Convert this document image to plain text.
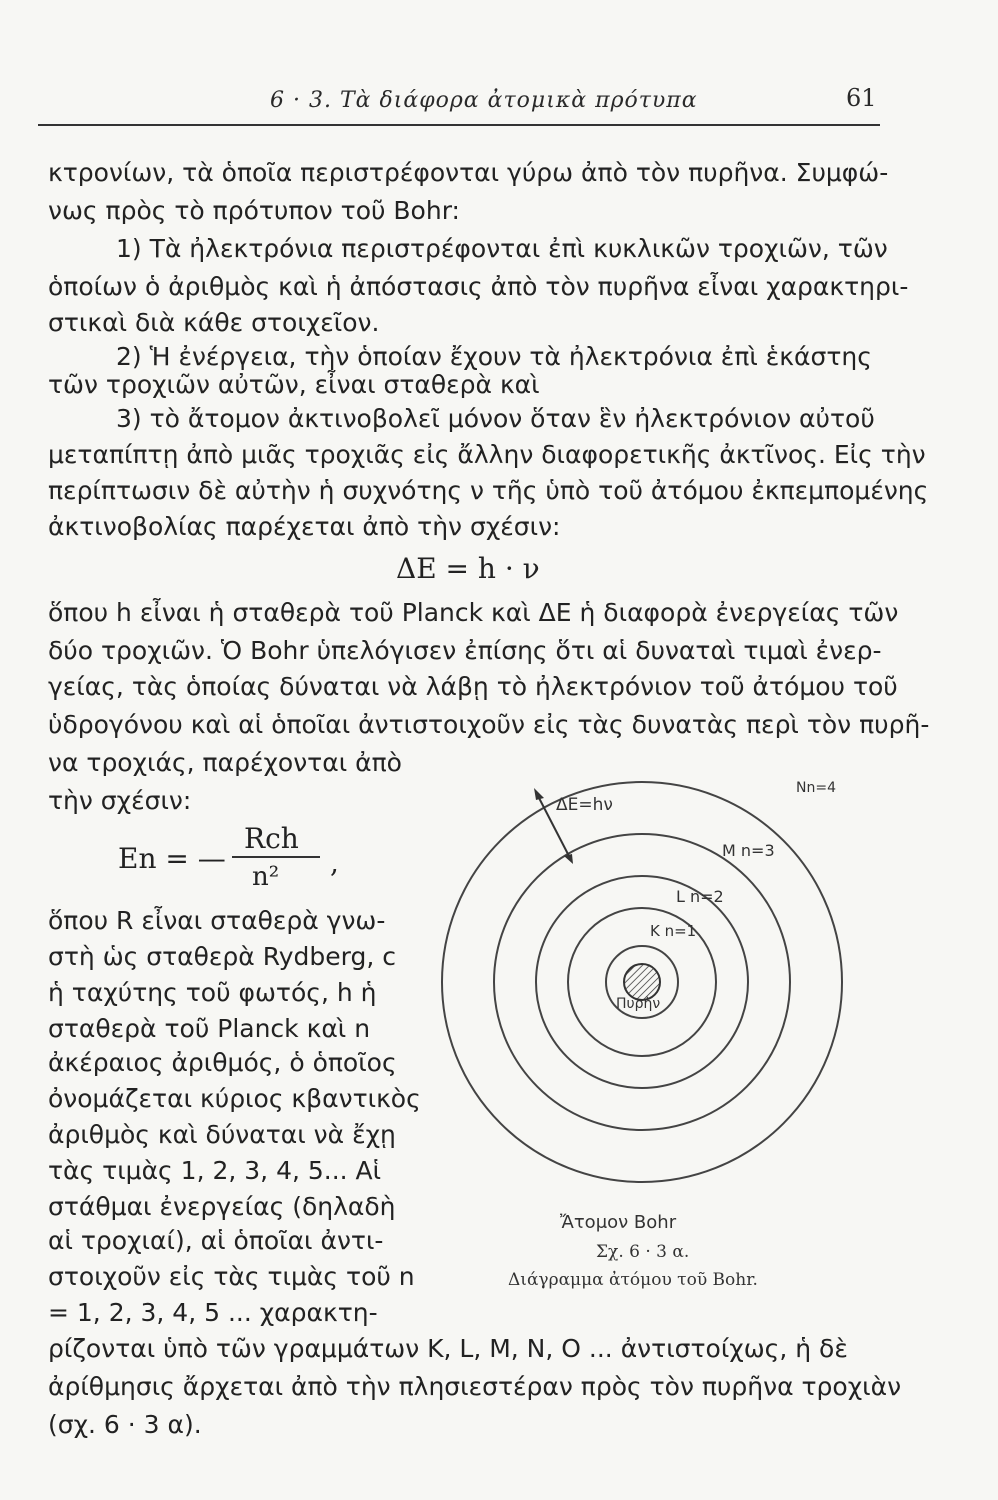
6 · 3. Τὰ διάφορα ἀτομικὰ πρότυπα	61
κτρονίων, τὰ ὁποῖα περιστρέφονται γύρω ἀπὸ τὸν πυρῆνα. Συμφώ-
νως πρὸς τὸ πρότυπον τοῦ Bohr:
1) Τὰ ἠλεκτρόνια περιστρέφονται ἐπὶ κυκλικῶν τροχιῶν, τῶν
ὁποίων ὁ ἀριθμὸς καὶ ἡ ἀπόστασις ἀπὸ τὸν πυρῆνα εἶναι χαρακτηρι-
στικαὶ διὰ κάθε στοιχεῖον.
2) Ἡ ἐνέργεια, τὴν ὁποίαν ἔχουν τὰ ἠλεκτρόνια ἐπὶ ἑκάστης
τῶν τροχιῶν αὐτῶν, εἶναι σταθερὰ καὶ
3) τὸ ἄτομον ἀκτινοβολεῖ μόνον ὅταν ἓν ἠλεκτρόνιον αὐτοῦ
μεταπίπτῃ ἀπὸ μιᾶς τροχιᾶς εἰς ἄλλην διαφορετικῆς ἀκτῖνος. Εἰς τὴν
περίπτωσιν δὲ αὐτὴν ἡ συχνότης ν τῆς ὑπὸ τοῦ ἀτόμου ἐκπεμπομένης
ἀκτινοβολίας παρέχεται ἀπὸ τὴν σχέσιν:
ΔE = h · ν
ὅπου h εἶναι ἡ σταθερὰ τοῦ Planck καὶ ΔE ἡ διαφορὰ ἐνεργείας τῶν
δύο τροχιῶν. Ὁ Bohr ὑπελόγισεν ἐπίσης ὅτι αἱ δυναταὶ τιμαὶ ἐνερ-
γείας, τὰς ὁποίας δύναται νὰ λάβῃ τὸ ἠλεκτρόνιον τοῦ ἀτόμου τοῦ
ὑδρογόνου καὶ αἱ ὁποῖαι ἀντιστοιχοῦν εἰς τὰς δυνατὰς περὶ τὸν πυρῆ-
να τροχιάς, παρέχονται ἀπὸ
τὴν σχέσιν:
En = —
Rch
n² ,
ὅπου R εἶναι σταθερὰ γνω-
στὴ ὡς σταθερὰ Rydberg, c
ἡ ταχύτης τοῦ φωτός, h ἡ
σταθερὰ τοῦ Planck καὶ n
ἀκέραιος ἀριθμός, ὁ ὁποῖος
ὀνομάζεται κύριος κβαντικὸς
ἀριθμὸς καὶ δύναται νὰ ἔχῃ
τὰς τιμὰς 1, 2, 3, 4, 5... Αἱ
στάθμαι ἐνεργείας (δηλαδὴ
αἱ τροχιαί), αἱ ὁποῖαι ἀντι-
στοιχοῦν εἰς τὰς τιμὰς τοῦ n
= 1, 2, 3, 4, 5 ... χαρακτη-
ρίζονται ὑπὸ τῶν γραμμάτων K, L, M, N, O ... ἀντιστοίχως, ἡ δὲ
ἀρίθμησις ἄρχεται ἀπὸ τὴν πλησιεστέραν πρὸς τὸν πυρῆνα τροχιὰν
(σχ. 6 · 3 α).
ΔE=hν
Nn=4
M n=3
L n=2
K n=1
Πυρὴν
Ἄτομον Bohr
Σχ. 6 · 3 α.
Διάγραμμα ἀτόμου τοῦ Bohr.
